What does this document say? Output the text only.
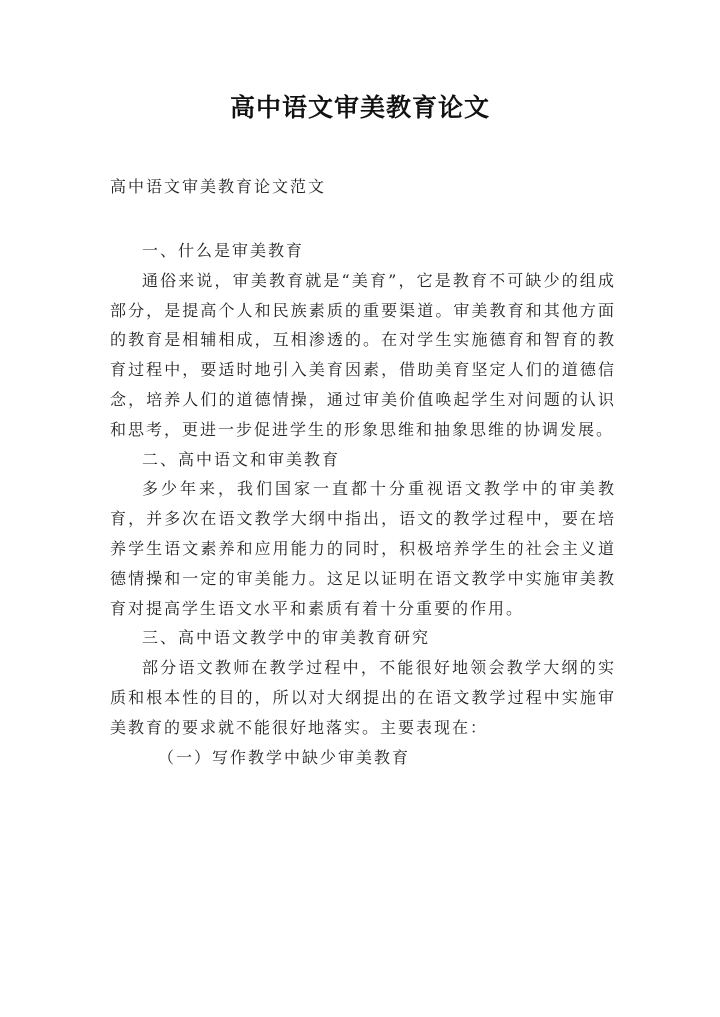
高中语文审美教育论文
高中语文审美教育论文范文

一、什么是审美教育

通俗来说，审美教育就是“美育”，它是教育不可缺少的组成部分，是提高个人和民族素质的重要渠道。审美教育和其他方面的教育是相辅相成，互相渗透的。在对学生实施德育和智育的教育过程中，要适时地引入美育因素，借助美育坚定人们的道德信念，培养人们的道德情操，通过审美价值唤起学生对问题的认识和思考，更进一步促进学生的形象思维和抽象思维的协调发展。

二、高中语文和审美教育

多少年来，我们国家一直都十分重视语文教学中的审美教育，并多次在语文教学大纲中指出，语文的教学过程中，要在培养学生语文素养和应用能力的同时，积极培养学生的社会主义道德情操和一定的审美能力。这足以证明在语文教学中实施审美教育对提高学生语文水平和素质有着十分重要的作用。

三、高中语文教学中的审美教育研究

部分语文教师在教学过程中，不能很好地领会教学大纲的实质和根本性的目的，所以对大纲提出的在语文教学过程中实施审美教育的要求就不能很好地落实。主要表现在：

（一）写作教学中缺少审美教育
